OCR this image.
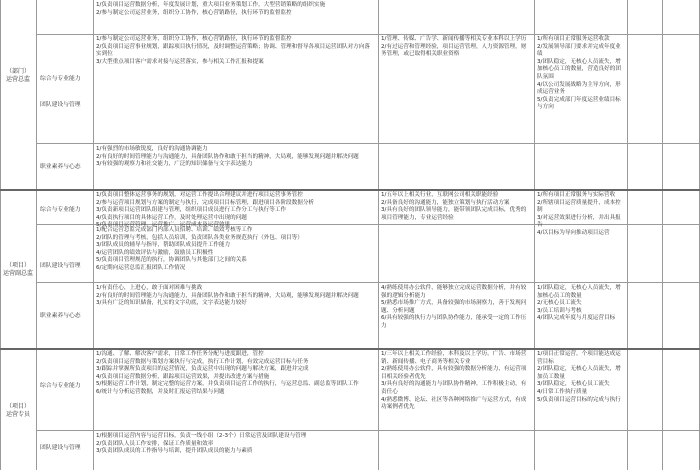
（部门）
运营总监
（项目）
运营副总监
（项目）
运营专员
1/负责项目运营数据分析，年度发展计划，重大项目业务策划工作，大型营销策略的组织实施
2/参与制定公司运营业务，组织分工协作，核心营销路径，执行环节的监督监控
综合与专业能力
1/参与制定公司运营业务，组织分工协作，核心营销路径，执行环节的监督监控
2/负责项目运营事业规划，跟踪项目执行情况，及时调整运营策略；协调、管理和督导各项目运营团队对方向落实到位
3/大型重点项目客户需求对接与运营落实，参与相关工作汇报和提案
1/管理、传媒、广告学、新闻传播等相关专业本科以上学历
2/有过运营和管理经验，项目运营管理，人力资源管理，财务管理，或已取得相关职业资格
1/所有项目正常服务运营收款
2/发展领导部门要求并完成年度业绩
3/团队稳定，无核心人员流失，增加核心员工的数量，营造良好的团队氛围
4/以公司发展战略为主导方向，形成运营业务
5/负责完成部门年度运营业绩目标与方向
团队建设与管理
职业素养与心态
1/有强烈的市场敏锐度，良好的沟通协调能力
2/有良好的时间管理能力与沟通能力，具备团队协作和敢于担当的精神，大局观，能够发现问题并解决问题
3/有较强的观察力和社交能力，广泛的知识储备与文字表达能力
1/负责项目整体运营事务的规划，对运营工作提出合理建议并进行项目运营事务管控
2/参与运营项目规划与方案的制定与执行，完成项目目标管理，跟进项目各阶段数据分析
3/负责新项目运营团队组建与管理，组织项目成员进行工作分工与执行等工作
4/负责执行项目的具体运营工作，及时处理运营中出现的问题
5/负责项目运营管理，运营推广，运营成本及运营效果
综合与专业能力
1/五年以上相关行业，互联网公司相关职能经验
2/具备良好的沟通能力，能独立策划与执行活动方案
3/具有良好的团队领导能力，能带领团队完成目标，优秀的项目管理能力，专业运营经验
1/所有项目正常服务与实际营收
2/所辖项目运营质量提升，成本控制
3/对运营效果进行分析，并出具报告
4/以目标为导向推动项目运营
团队建设与管理
1/配合运营总监完成部门内部人员招聘、培训、绩效考核等工作
2/团队的管理与考核，包括人员培训，负责团队各类业务规范执行（外包、项目等）
3/团队成员的辅导与指导，帮助团队成员提升工作能力
4/运营团队的绩效评估与激励，鼓励员工积极性
5/负责项目管理规范的执行，协调团队与其他部门之间的关系
6/定期向运营总监汇报团队工作情况
4/熟练使用办公软件，能够独立完成运营数据分析，并有较强的逻辑分析能力
5/熟悉市场推广方式，具备较强的市场洞察力，善于发现问题、分析问题
6/具有较强的执行力与团队协作能力，能承受一定的工作压力
1/团队稳定，无核心人员流失，增加核心员工的数量
2/无核心员工流失
3/员工培训与考核
4/团队完成年度与月度运营目标
职业素养与心态
1/有责任心，上进心，敢于面对困难与挑战
2/有良好的时间管理能力与沟通能力，具备团队协作和敢于担当的精神，大局观，能够发现问题并解决问题
3/具有广泛的知识储备，扎实的文字功底，文字表达能力较好
综合与专业能力
1/沟通、了解、解决客户需求，日常工作任务分配与进度跟进，管控
2/负责项目运营数据与策划方案执行与完成，执行工作计划，有效完成运营目标与任务
3/跟踪并掌握所负责项目的运营情况，负责运营中出现的问题与解决方案，跟进并完成
4/负责项目运营数据分析，跟踪项目运营效果，并提出改进方案与措施
5/根据运营工作计划，制定完整的运营方案，并负责项目运营工作的执行，与运营总监、副总监等团队工作
6/统计与分析运营数据，并及时汇报运营结果与问题
1/三年以上相关工作经验，本科及以上学历，广告、市场营销、新闻传播、电子商务等相关专业
2/熟练使用办公软件，具有较强的数据分析能力，有运营项目相关经验者优先
3/具有良好的沟通能力与团队协作精神，工作积极主动，有责任心
4/熟悉微博、论坛、社区等各种网络推广与运营方式，有成功案例者优先
1/项目正常运营，个项目能达成运营目标
2/团队稳定，无核心人员流失，增加员工数量
3/团队稳定，无核心员工流失
4/日常工作执行质量
5/负责项目运营目标的完成与执行
团队建设与管理
1/根据项目运营内容与运营目标，负责一线小组（2-3个）日常运营及团队建设与管理
2/负责团队人员工作安排，保证工作质量和效率
3/负责团队成员的工作指导与培训，提升团队成员的能力与素质
